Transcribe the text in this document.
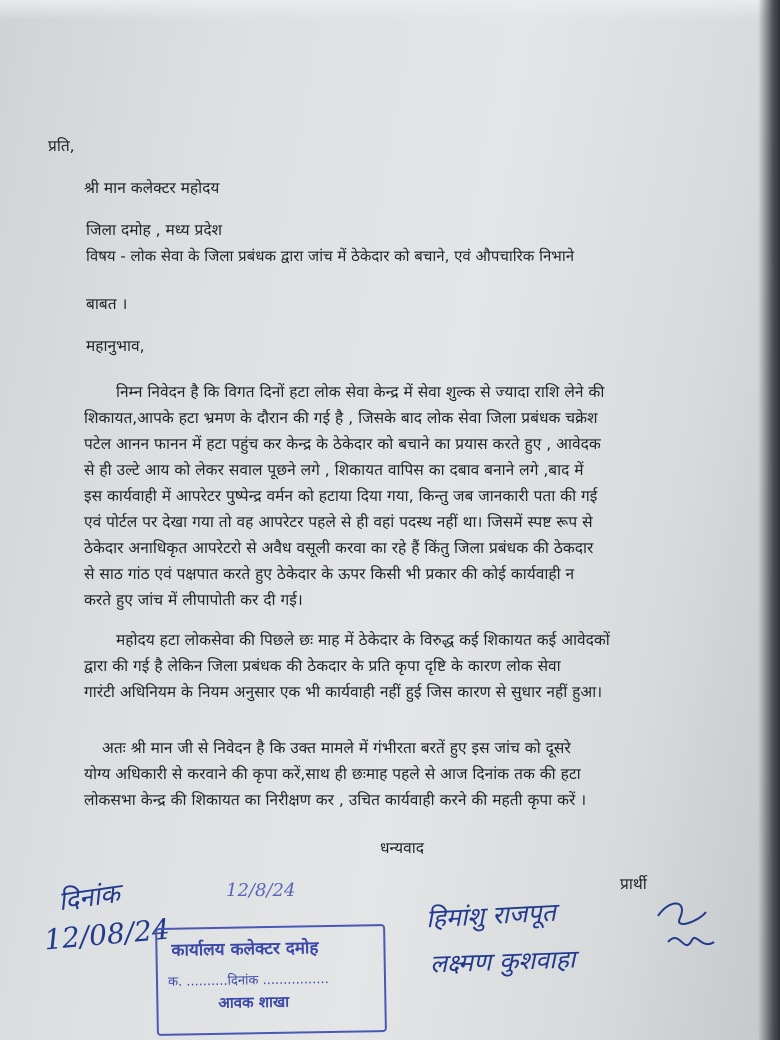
प्रति,
श्री मान कलेक्टर महोदय
जिला दमोह , मध्य प्रदेश
विषय - लोक सेवा के जिला प्रबंधक द्वारा जांच में ठेकेदार को बचाने, एवं औपचारिक निभाने
बाबत ।
महानुभाव,
निम्न निवेदन है कि विगत दिनों हटा लोक सेवा केन्द्र में सेवा शुल्क से ज्यादा राशि लेने की
शिकायत,आपके हटा भ्रमण के दौरान की गई है , जिसके बाद लोक सेवा जिला प्रबंधक चक्रेश
पटेल आनन फानन में हटा पहुंच कर केन्द्र के ठेकेदार को बचाने का प्रयास करते हुए , आवेदक
से ही उल्टे आय को लेकर सवाल पूछने लगे , शिकायत वापिस का दबाव बनाने लगे ,बाद में
इस कार्यवाही में आपरेटर पुष्पेन्द्र वर्मन को हटाया दिया गया, किन्तु जब जानकारी पता की गई
एवं पोर्टल पर देखा गया तो वह आपरेटर पहले से ही वहां पदस्थ नहीं था। जिसमें स्पष्ट रूप से
ठेकेदार अनाधिकृत आपरेटरो से अवैध वसूली करवा का रहे हैं किंतु जिला प्रबंधक की ठेकदार
से साठ गांठ एवं पक्षपात करते हुए ठेकेदार के ऊपर किसी भी प्रकार की कोई कार्यवाही न
करते हुए जांच में लीपापोती कर दी गई।
महोदय हटा लोकसेवा की पिछले छः माह में ठेकेदार के विरुद्ध कई शिकायत कई आवेदकों
द्वारा की गई है लेकिन जिला प्रबंधक की ठेकदार के प्रति कृपा दृष्टि के कारण लोक सेवा
गारंटी अधिनियम के नियम अनुसार एक भी कार्यवाही नहीं हुई जिस कारण से सुधार नहीं हुआ।
अतः श्री मान जी से निवेदन है कि उक्त मामले में गंभीरता बरतें हुए इस जांच को दूसरे
योग्य अधिकारी से करवाने की कृपा करें,साथ ही छःमाह पहले से आज दिनांक तक की हटा
लोकसभा केन्द्र की शिकायत का निरीक्षण कर , उचित कार्यवाही करने की महती कृपा करें ।
धन्यवाद
प्रार्थी
दिनांक
12/08/24
12/8/24
हिमांशु राजपूत
लक्ष्मण कुशवाहा
कार्यालय कलेक्टर दमोह
क. ..........दिनांक ................
आवक शाखा
